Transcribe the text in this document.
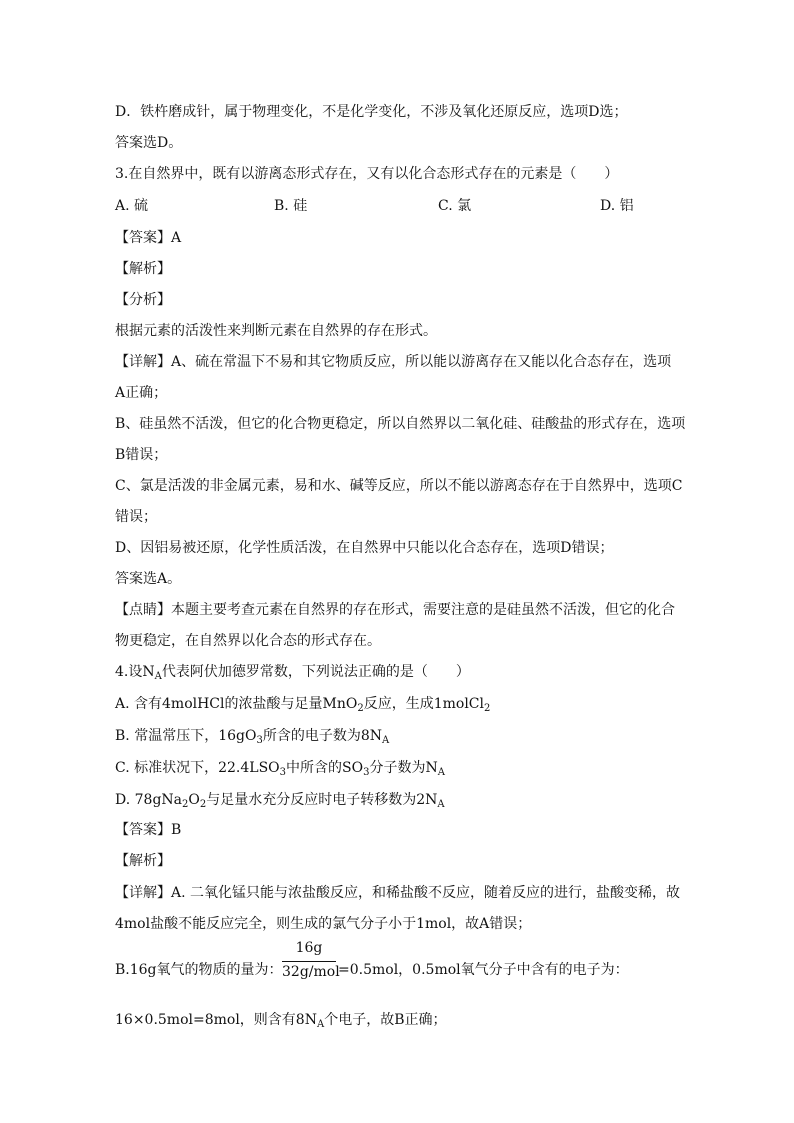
D．铁杵磨成针，属于物理变化，不是化学变化，不涉及氧化还原反应，选项D选；
答案选D。
3.在自然界中，既有以游离态形式存在，又有以化合态形式存在的元素是（　　）
A. 硫	B. 硅	C. 氯	D. 铝
【答案】A
【解析】
【分析】
根据元素的活泼性来判断元素在自然界的存在形式。
【详解】A、硫在常温下不易和其它物质反应，所以能以游离存在又能以化合态存在，选项
A正确；
B、硅虽然不活泼，但它的化合物更稳定，所以自然界以二氧化硅、硅酸盐的形式存在，选项
B错误；
C、氯是活泼的非金属元素，易和水、碱等反应，所以不能以游离态存在于自然界中，选项C
错误；
D、因铝易被还原，化学性质活泼，在自然界中只能以化合态存在，选项D错误；
答案选A。
【点睛】本题主要考查元素在自然界的存在形式，需要注意的是硅虽然不活泼，但它的化合
物更稳定，在自然界以化合态的形式存在。
4.设$N_A$代表阿伏加德罗常数，下列说法正确的是（　　）
A. 含有4molHCl的浓盐酸与足量MnO$_2$反应，生成1molCl$_2$
B. 常温常压下，$16gO_3$所含的电子数为$8N_A$
C. 标准状况下，$22.4LSO_3$中所含的$SO_3$分子数为$N_A$
D. $78gNa_2O_2$与足量水充分反应时电子转移数为$2N_A$
【答案】B
【解析】
【详解】A. 二氧化锰只能与浓盐酸反应，和稀盐酸不反应，随着反应的进行，盐酸变稀，故
4mol盐酸不能反应完全，则生成的氯气分子小于1mol，故A错误；
B.16g氧气的物质的量为：
16g
32g/mol
=0.5mol，0.5mol氧气分子中含有的电子为：
16×0.5mol=8mol，则含有$8N_A$个电子，故B正确；
